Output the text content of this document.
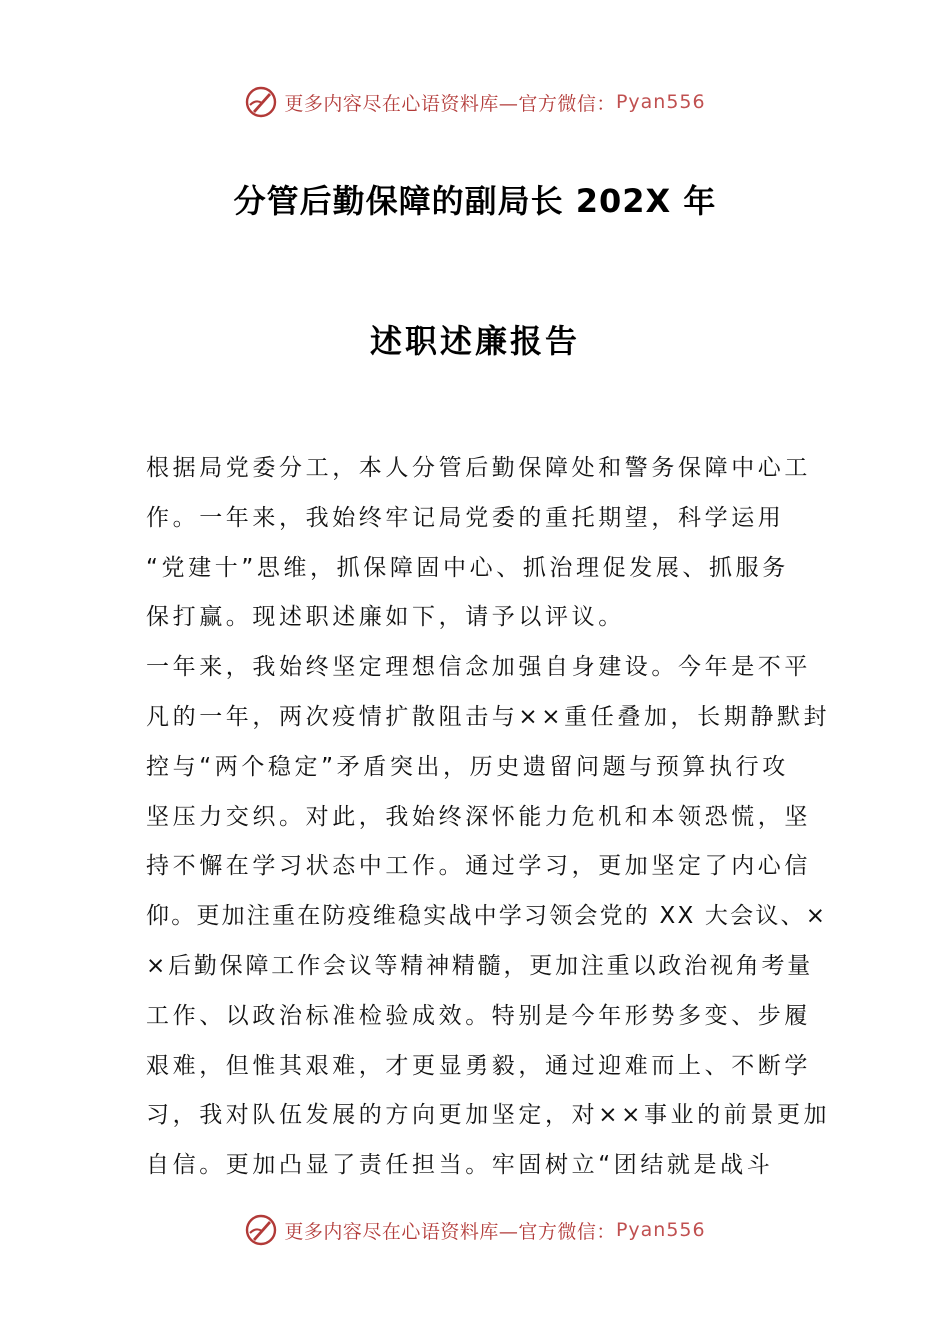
更多内容尽在心语资料库— 官方微信： Pyan556
分管后勤保障的副局长 202X 年
述职述廉报告
根据局党委分工，本人分管后勤保障处和警务保障中心工
作。一年来，我始终牢记局党委的重托期望，科学运用
“党建十”思维，抓保障固中心、抓治理促发展、抓服务
保打赢。现述职述廉如下，请予以评议。
一年来，我始终坚定理想信念加强自身建设。今年是不平
凡的一年，两次疫情扩散阻击与××重任叠加，长期静默封
控与“两个稳定”矛盾突出，历史遗留问题与预算执行攻
坚压力交织。对此，我始终深怀能力危机和本领恐慌，坚
持不懈在学习状态中工作。通过学习，更加坚定了内心信
仰。更加注重在防疫维稳实战中学习领会党的 XX 大会议、×
×后勤保障工作会议等精神精髓，更加注重以政治视角考量
工作、以政治标准检验成效。特别是今年形势多变、步履
艰难，但惟其艰难，才更显勇毅，通过迎难而上、不断学
习，我对队伍发展的方向更加坚定，对××事业的前景更加
自信。更加凸显了责任担当。牢固树立“团结就是战斗
更多内容尽在心语资料库— 官方微信： Pyan556
